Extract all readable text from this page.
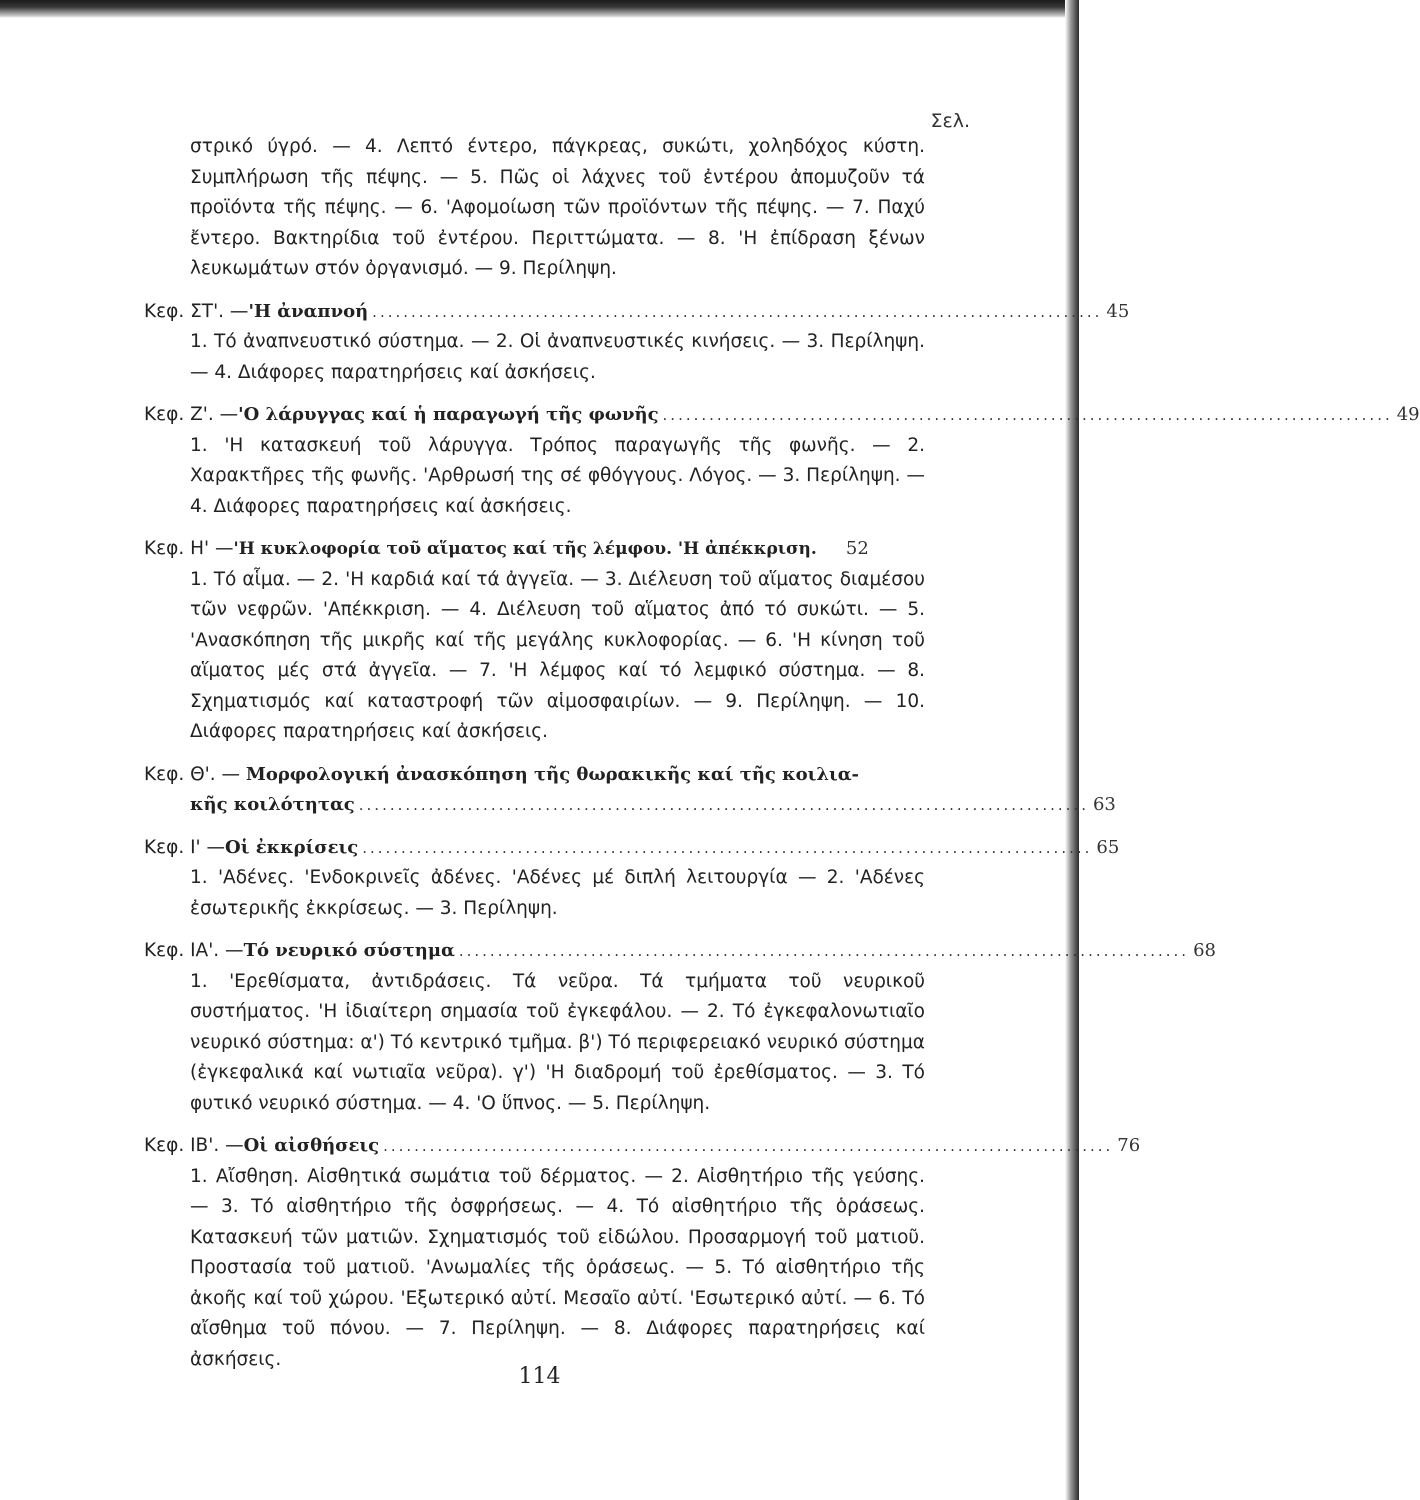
Σελ.
στρικό ύγρό. — 4. Λεπτό έντερο, πάγκρεας, συκώτι, χοληδόχος κύστη. Συμπλήρωση τῆς πέψης. — 5. Πῶς οἱ λάχνες τοῦ ἐντέρου ἀπομυζοῦν τά προϊόντα τῆς πέψης. — 6. 'Αφομοίωση τῶν προϊόντων τῆς πέψης. — 7. Παχύ ἔντερο. Βακτηρίδια τοῦ ἐντέρου. Περιττώματα. — 8. 'Η ἐπίδραση ξένων λευκωμάτων στόν ὀργανισμό. — 9. Περίληψη.
Κεφ. ΣΤ'. — 'Η ἀναπνοή .............................................................................................. 45
1. Τό ἀναπνευστικό σύστημα. — 2. Οἱ ἀναπνευστικές κινήσεις. — 3. Περίληψη. — 4. Διάφορες παρατηρήσεις καί ἀσκήσεις.
Κεφ. Ζ'. — 'Ο λάρυγγας καί ἡ παραγωγή τῆς φωνῆς .............................................................................................. 49
1. 'Η κατασκευή τοῦ λάρυγγα. Τρόπος παραγωγῆς τῆς φωνῆς. — 2. Χαρακτῆρες τῆς φωνῆς. 'Αρθρωσή της σέ φθόγγους. Λόγος. — 3. Περίληψη. — 4. Διάφορες παρατηρήσεις καί ἀσκήσεις.
Κεφ. Η' — 'Η κυκλοφορία τοῦ αἵματος καί τῆς λέμφου. 'Η ἀπέκκριση.	52
1. Τό αἷμα. — 2. 'Η καρδιά καί τά ἀγγεῖα. — 3. Διέλευση τοῦ αἵματος διαμέσου τῶν νεφρῶν. 'Απέκκριση. — 4. Διέλευση τοῦ αἵματος ἀπό τό συκώτι. — 5. 'Ανασκόπηση τῆς μικρῆς καί τῆς μεγάλης κυκλοφορίας. — 6. 'Η κίνηση τοῦ αἵματος μές στά ἀγγεῖα. — 7. 'Η λέμφος καί τό λεμφικό σύστημα. — 8. Σχηματισμός καί καταστροφή τῶν αἱμοσφαιρίων. — 9. Περίληψη. — 10. Διάφορες παρατηρήσεις καί ἀσκήσεις.
Κεφ. Θ'. — Μορφολογική ἀνασκόπηση τῆς θωρακικῆς καί τῆς κοιλια-
κῆς κοιλότητας .............................................................................................. 63
Κεφ. Ι' — Οἱ ἐκκρίσεις .............................................................................................. 65
1. 'Αδένες. 'Ενδοκρινεῖς ἀδένες. 'Αδένες μέ διπλή λειτουργία — 2. 'Αδένες ἐσωτερικῆς ἐκκρίσεως. — 3. Περίληψη.
Κεφ. ΙΑ'. — Τό νευρικό σύστημα .............................................................................................. 68
1. 'Ερεθίσματα, ἀντιδράσεις. Τά νεῦρα. Τά τμήματα τοῦ νευρικοῦ συστήματος. 'Η ἰδιαίτερη σημασία τοῦ ἐγκεφάλου. — 2. Τό ἐγκεφαλονωτιαῖο νευρικό σύστημα: α') Τό κεντρικό τμῆμα. β') Τό περιφερειακό νευρικό σύστημα (ἐγκεφαλικά καί νωτιαῖα νεῦρα). γ') 'Η διαδρομή τοῦ ἐρεθίσματος. — 3. Τό φυτικό νευρικό σύστημα. — 4. 'Ο ὕπνος. — 5. Περίληψη.
Κεφ. ΙΒ'. — Οἱ αἰσθήσεις .............................................................................................. 76
1. Αἴσθηση. Αἰσθητικά σωμάτια τοῦ δέρματος. — 2. Αἰσθητήριο τῆς γεύσης. — 3. Τό αἰσθητήριο τῆς ὀσφρήσεως. — 4. Τό αἰσθητήριο τῆς ὁράσεως. Κατασκευή τῶν ματιῶν. Σχηματισμός τοῦ εἰδώλου. Προσαρμογή τοῦ ματιοῦ. Προστασία τοῦ ματιοῦ. 'Ανωμαλίες τῆς ὁράσεως. — 5. Τό αἰσθητήριο τῆς ἀκοῆς καί τοῦ χώρου. 'Εξωτερικό αὐτί. Μεσαῖο αὐτί. 'Εσωτερικό αὐτί. — 6. Τό αἴσθημα τοῦ πόνου. — 7. Περίληψη. — 8. Διάφορες παρατηρήσεις καί ἀσκήσεις.
114
